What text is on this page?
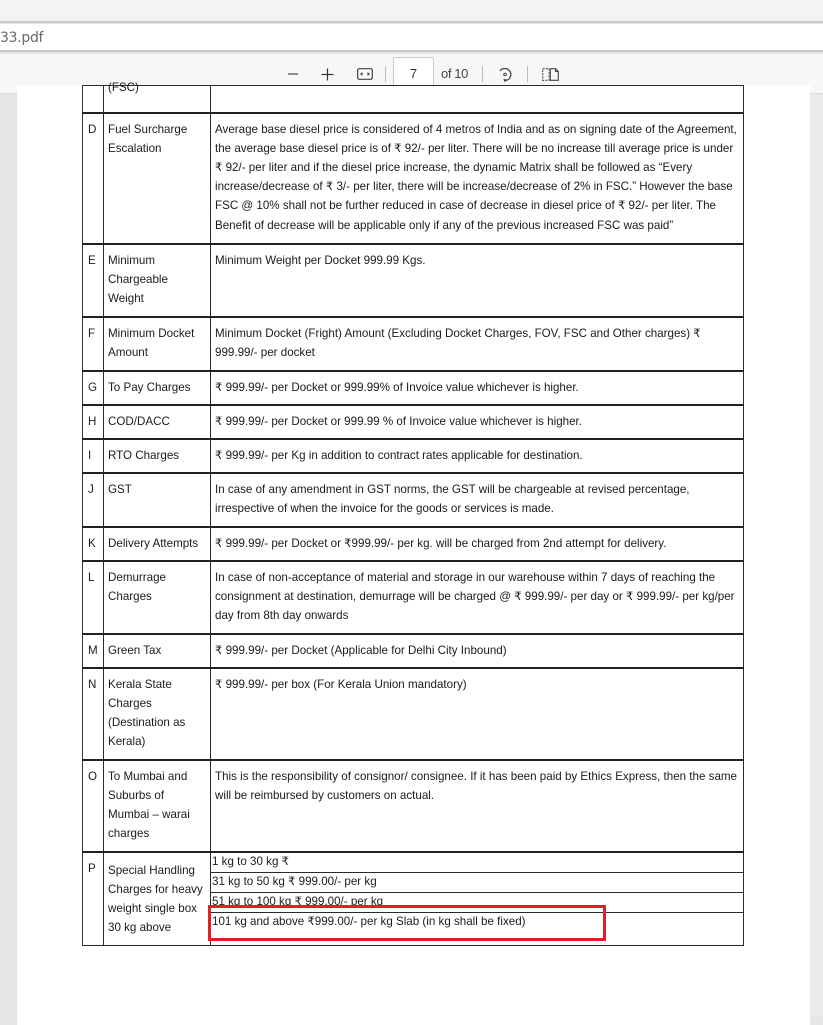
33.pdf
7 of 10
	(FSC)	
D	Fuel Surcharge Escalation	Average base diesel price is considered of 4 metros of India and as on signing date of the Agreement, the average base diesel price is of ₹ 92/- per liter. There will be no increase till average price is under ₹ 92/- per liter and if the diesel price increase, the dynamic Matrix shall be followed as “Every increase/decrease of ₹ 3/- per liter, there will be increase/decrease of 2% in FSC.” However the base FSC @ 10% shall not be further reduced in case of decrease in diesel price of ₹ 92/- per liter. The Benefit of decrease will be applicable only if any of the previous increased FSC was paid”
E	Minimum Chargeable Weight	Minimum Weight per Docket 999.99 Kgs.
F	Minimum Docket Amount	Minimum Docket (Fright) Amount (Excluding Docket Charges, FOV, FSC and Other charges) ₹ 999.99/- per docket
G	To Pay Charges	₹ 999.99/- per Docket or 999.99% of Invoice value whichever is higher.
H	COD/DACC	₹ 999.99/- per Docket or 999.99 % of Invoice value whichever is higher.
I	RTO Charges	₹ 999.99/- per Kg in addition to contract rates applicable for destination.
J	GST	In case of any amendment in GST norms, the GST will be chargeable at revised percentage, irrespective of when the invoice for the goods or services is made.
K	Delivery Attempts	₹ 999.99/- per Docket or ₹999.99/- per kg. will be charged from 2nd attempt for delivery.
L	Demurrage Charges	In case of non-acceptance of material and storage in our warehouse within 7 days of reaching the consignment at destination, demurrage will be charged @ ₹ 999.99/- per day or ₹ 999.99/- per kg/per day from 8th day onwards
M	Green Tax	₹ 999.99/- per Docket (Applicable for Delhi City Inbound)
N	Kerala State Charges (Destination as Kerala)	₹ 999.99/- per box (For Kerala Union mandatory)
O	To Mumbai and Suburbs of Mumbai – warai charges	This is the responsibility of consignor/ consignee. If it has been paid by Ethics Express, then the same will be reimbursed by customers on actual.
P	Special Handling Charges for heavy weight single box 30 kg above	1 kg to 30 kg ₹
31 kg to 50 kg ₹ 999.00/- per kg
51 kg to 100 kg ₹ 999.00/- per kg
101 kg and above ₹999.00/- per kg Slab (in kg shall be fixed)
